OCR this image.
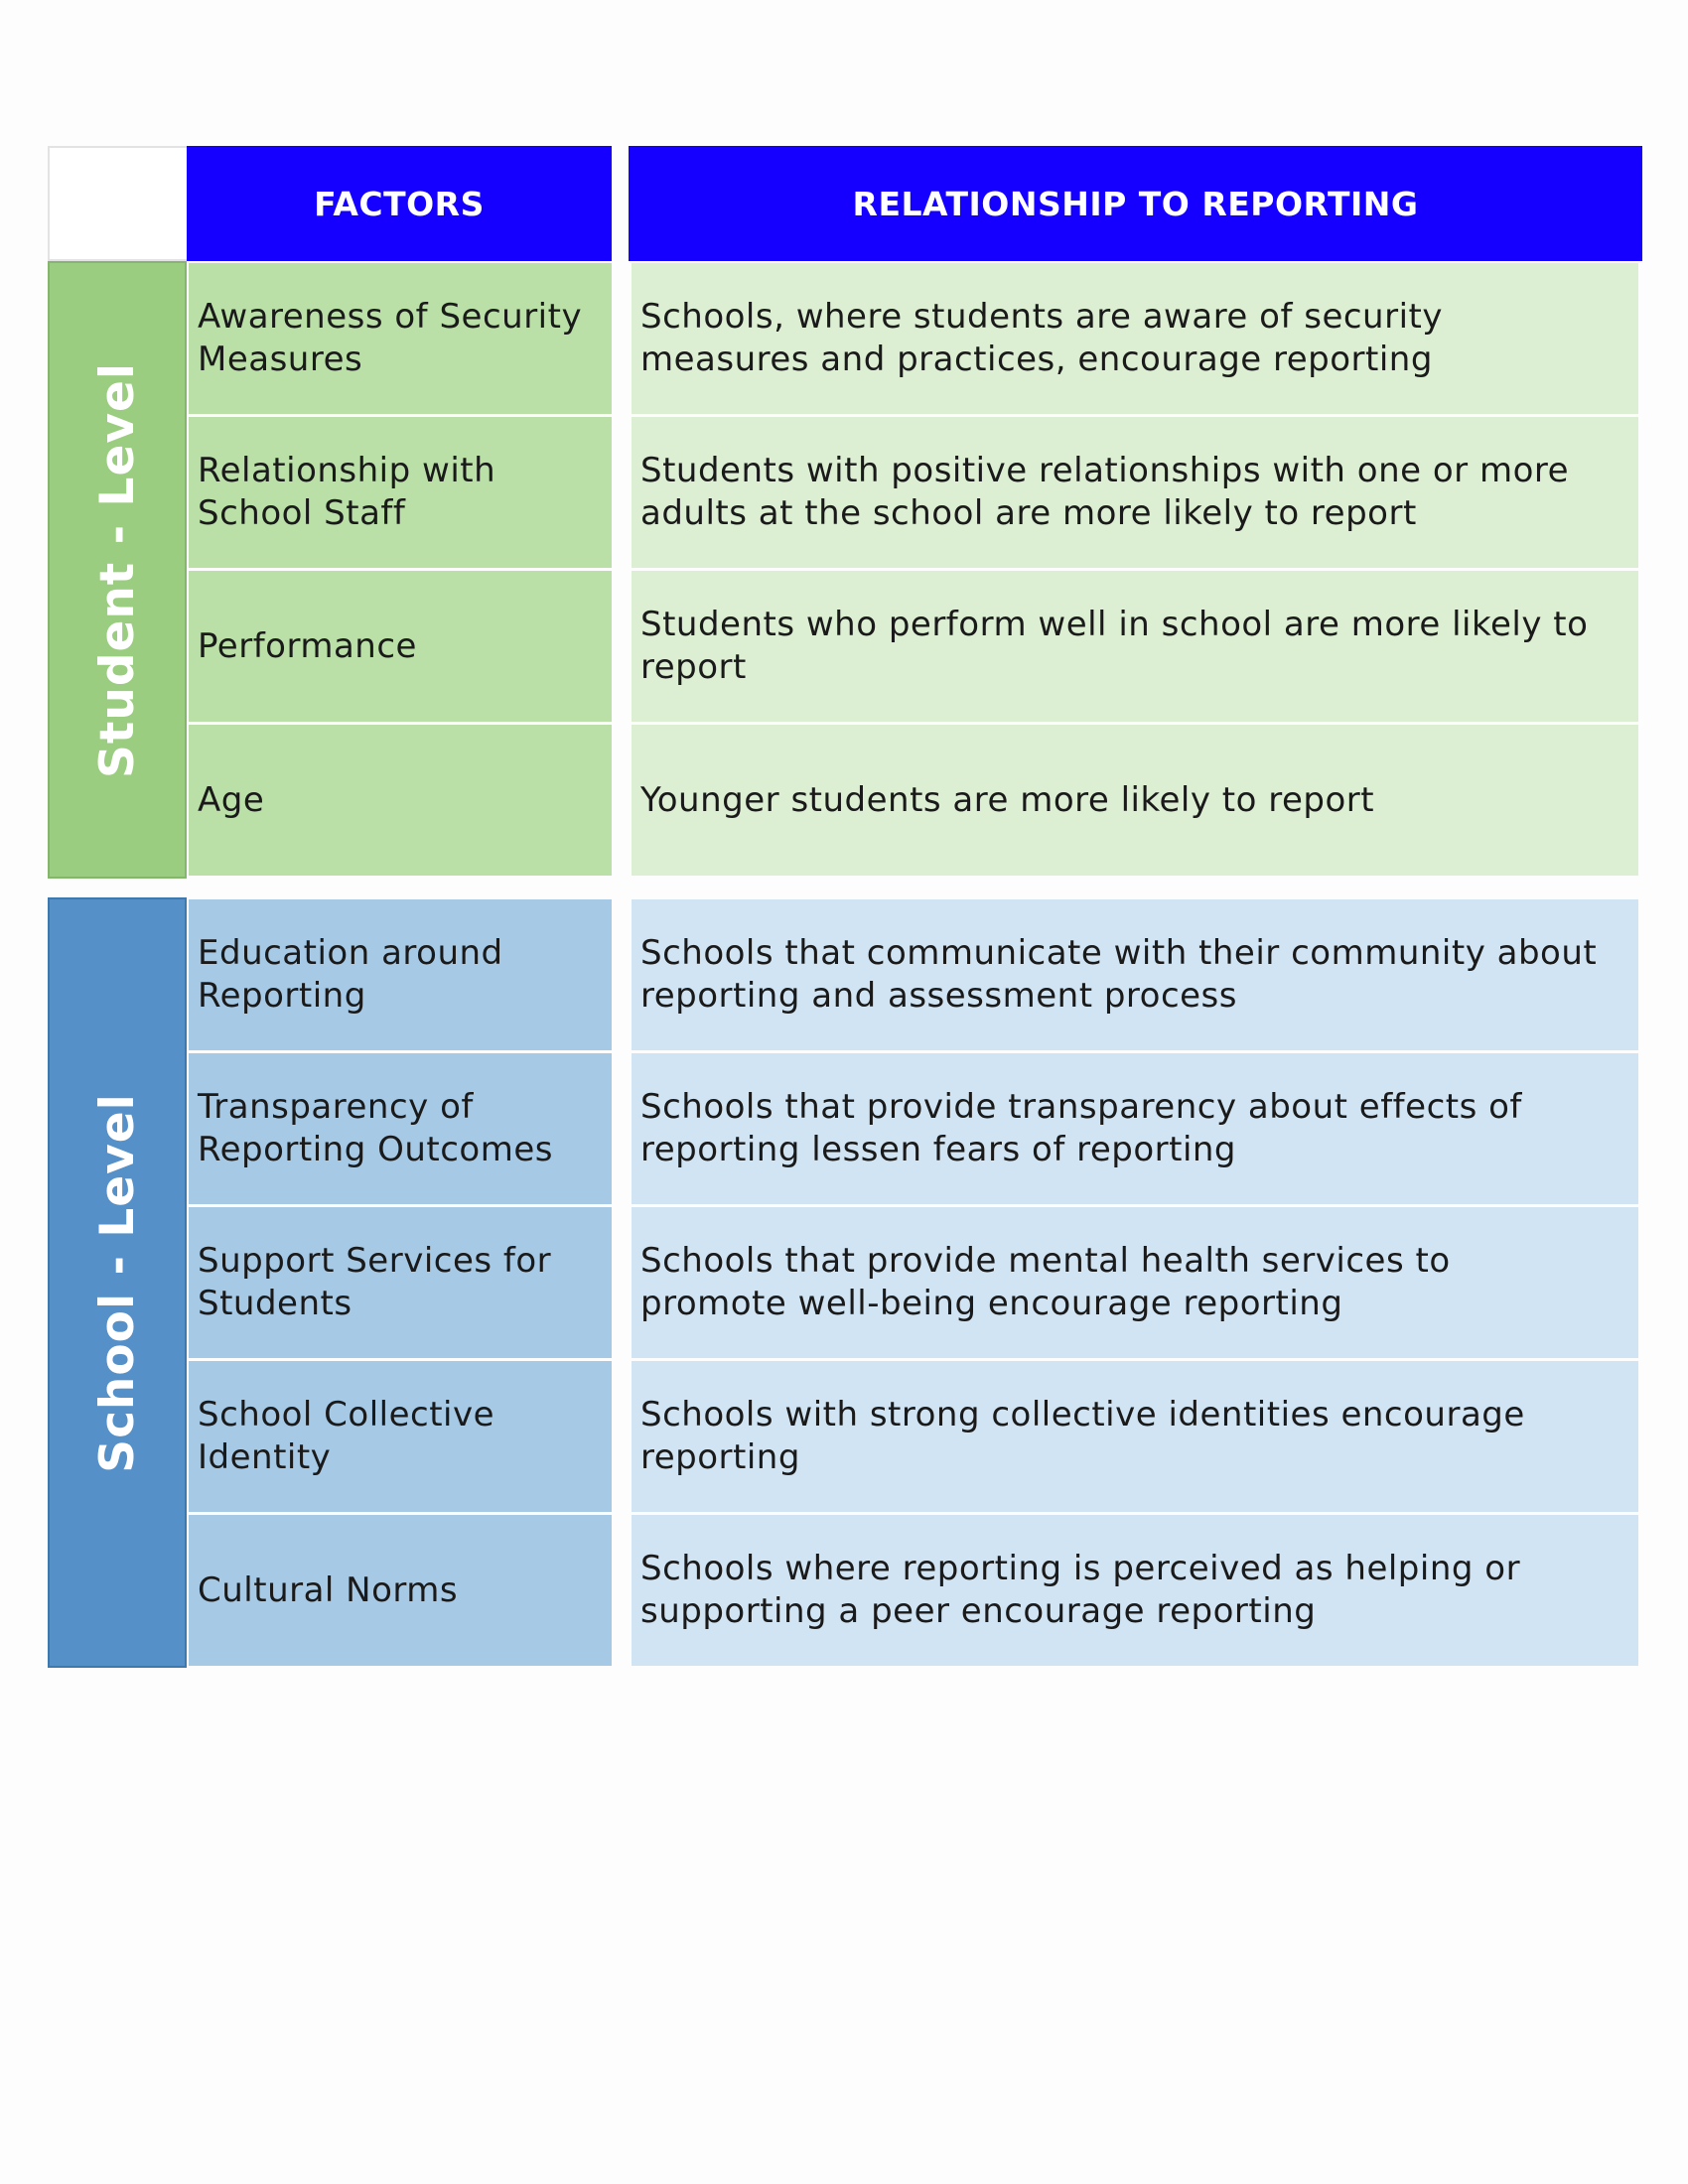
FACTORS	RELATIONSHIP TO REPORTING
Student - Level
Awareness of Security
Measures
Schools, where students are aware of security
measures and practices, encourage reporting
Relationship with
School Staff
Students with positive relationships with one or more
adults at the school are more likely to report
Performance
Students who perform well in school are more likely to
report
Age	Younger students are more likely to report
School - Level
Education around
Reporting
Schools that communicate with their community about
reporting and assessment process
Transparency of
Reporting Outcomes
Schools that provide transparency about effects of
reporting lessen fears of reporting
Support Services for
Students
Schools that provide mental health services to
promote well-being encourage reporting
School Collective
Identity
Schools with strong collective identities encourage
reporting
Cultural Norms
Schools where reporting is perceived as helping or
supporting a peer encourage reporting
